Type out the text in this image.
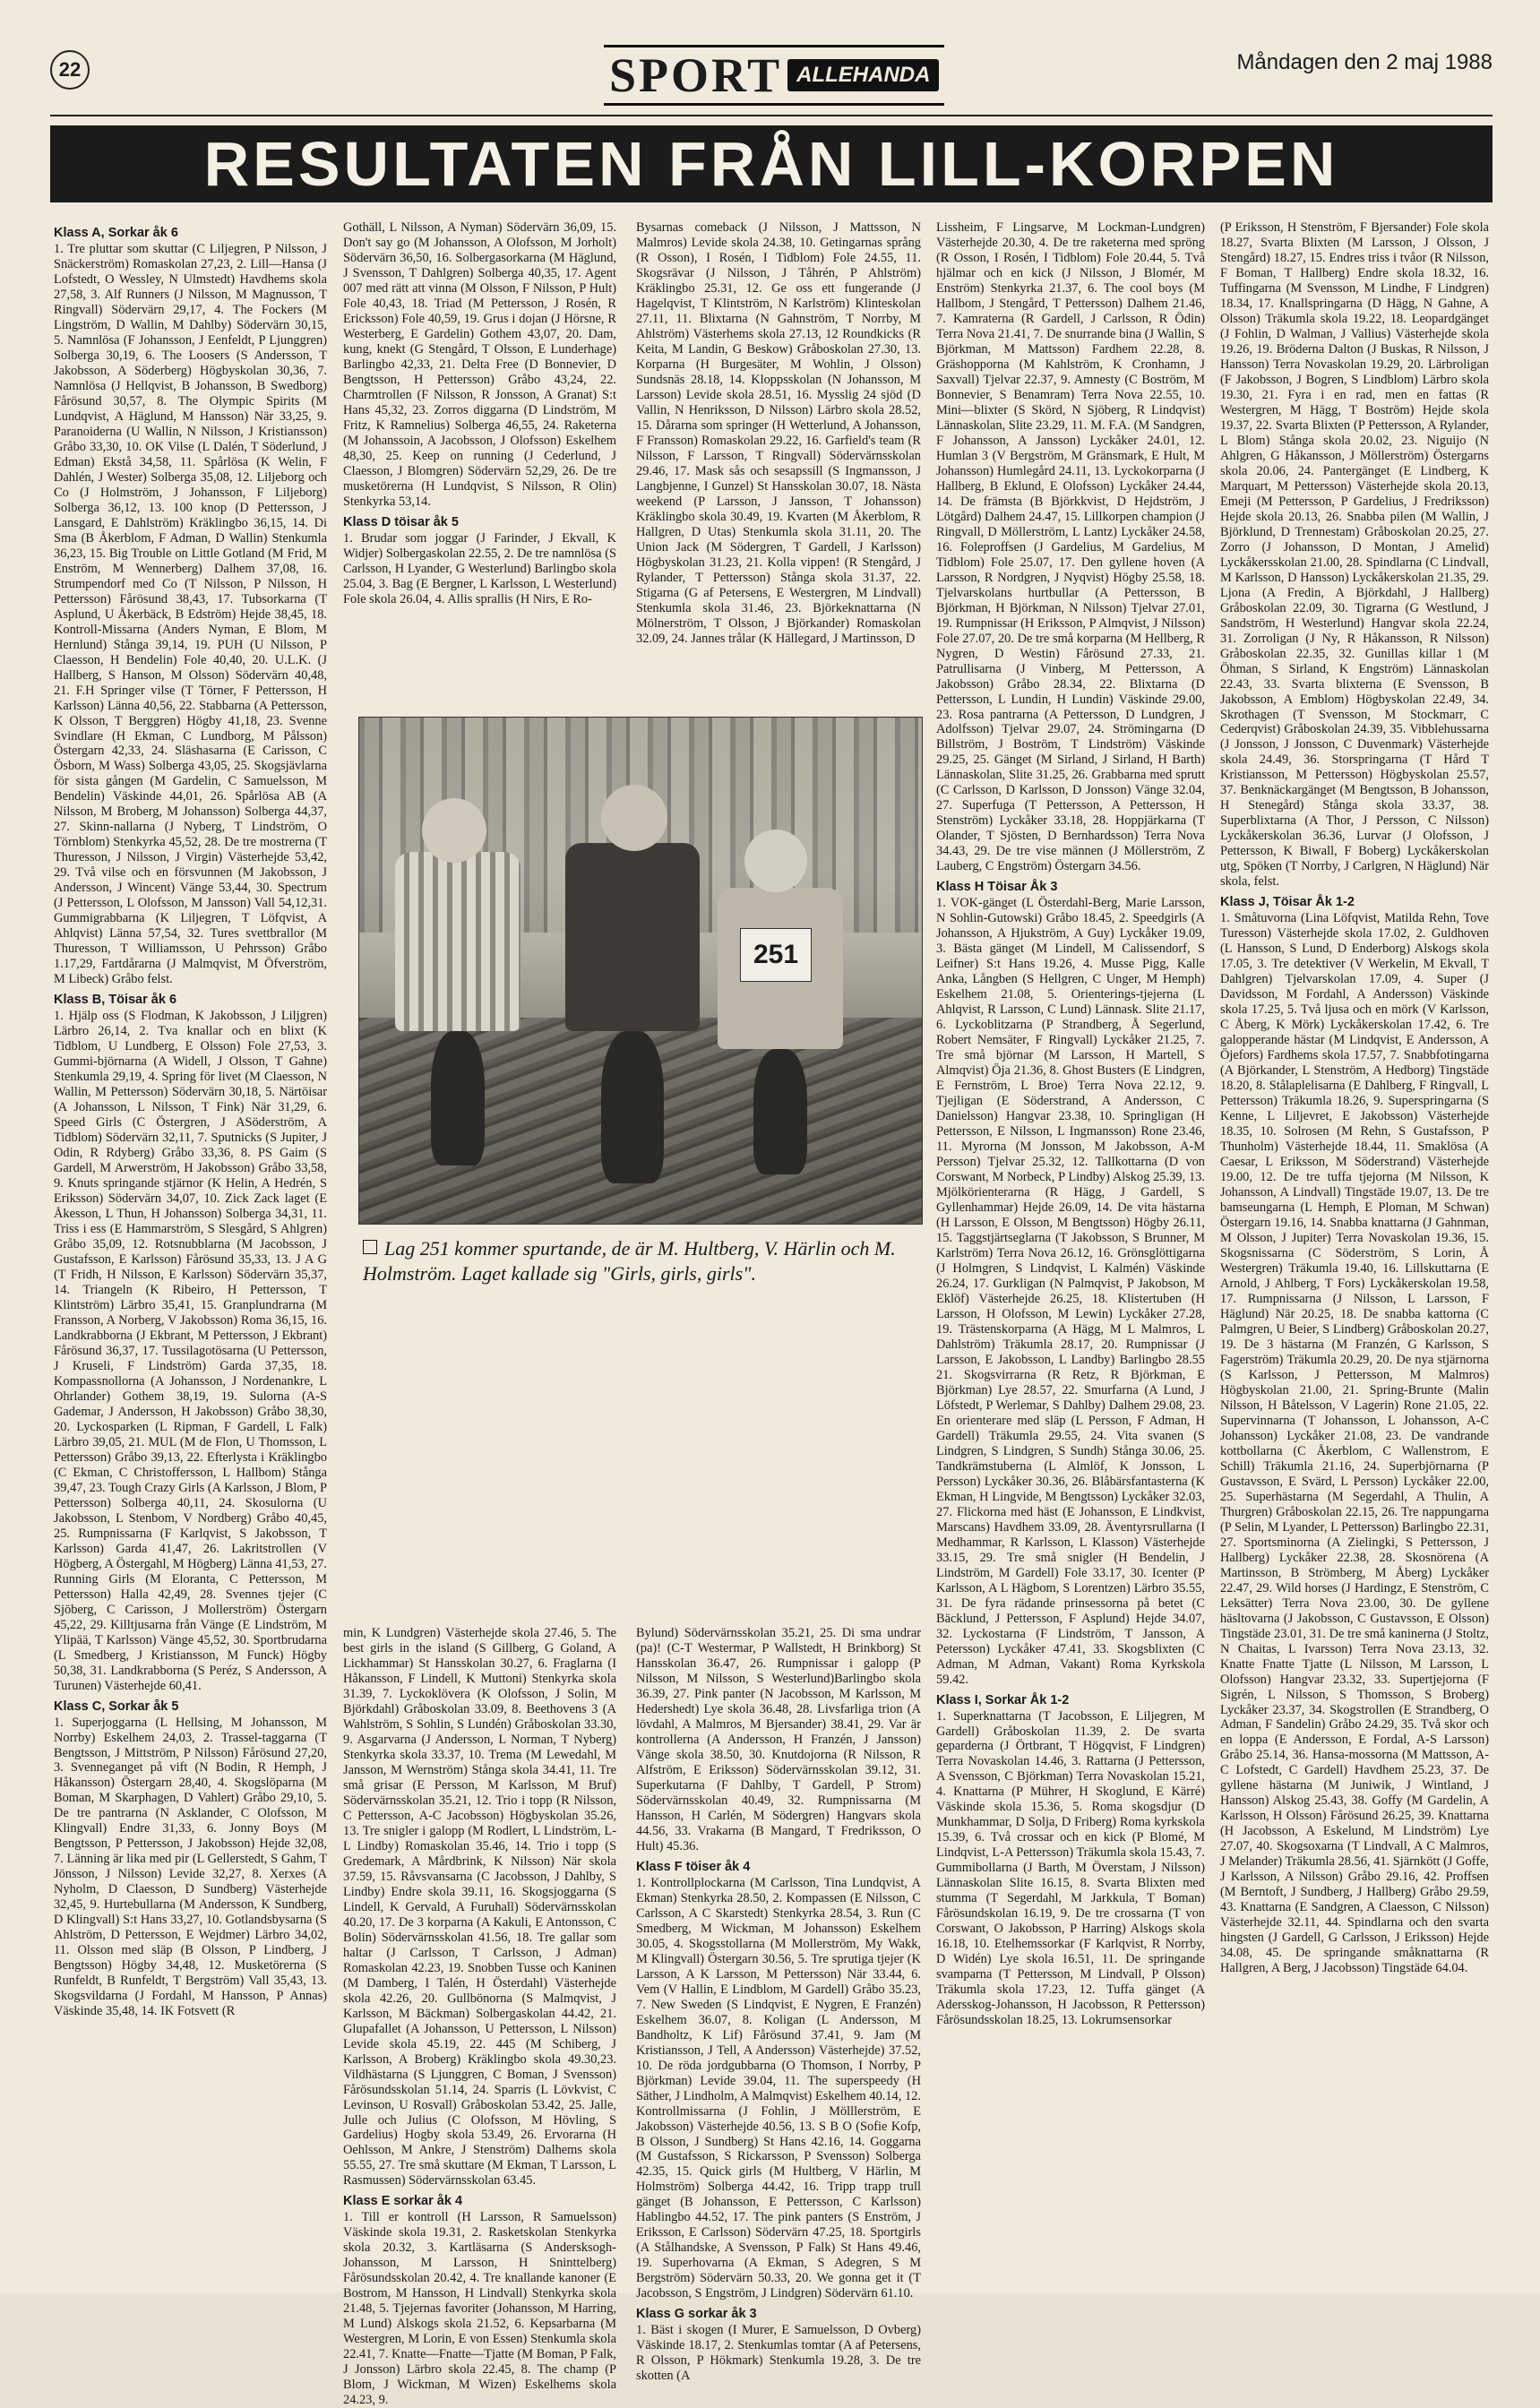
22	SPORT ALLEHANDA
Måndagen den 2 maj 1988
RESULTATEN FRÅN LILL-KORPEN
Klass A, Sorkar åk 6

1. Tre pluttar som skuttar (C Liljegren, P Nilsson, J Snäckerström) Romaskolan 27,23, 2. Lill—Hansa (J Lofstedt, O Wessley, N Ulmstedt) Havdhems skola 27,58, 3. Alf Runners (J Nilsson, M Magnusson, T Ringvall) Södervärn 29,17, 4. The Fockers (M Lingström, D Wallin, M Dahlby) Södervärn 30,15, 5. Namnlösa (F Johansson, J Eenfeldt, P Ljunggren) Solberga 30,19, 6. The Loosers (S Andersson, T Jakobsson, A Söderberg) Högbyskolan 30,36, 7. Namnlösa (J Hellqvist, B Johansson, B Swedborg) Fårösund 30,57, 8. The Olympic Spirits (M Lundqvist, A Häglund, M Hansson) När 33,25, 9. Paranoiderna (U Wallin, N Nilsson, J Kristiansson) Gråbo 33,30, 10. OK Vilse (L Dalén, T Söderlund, J Edman) Ekstå 34,58, 11. Spårlösa (K Welin, F Dahlén, J Wester) Solberga 35,08, 12. Liljeborg och Co (J Holmström, J Johansson, F Liljeborg) Solberga 36,12, 13. 100 knop (D Pettersson, J Lansgard, E Dahlström) Kräklingbo 36,15, 14. Di Sma (B Åkerblom, F Adman, D Wallin) Stenkumla 36,23, 15. Big Trouble on Little Gotland (M Frid, M Enström, M Wennerberg) Dalhem 37,08, 16. Strumpendorf med Co (T Nilsson, P Nilsson, H Pettersson) Fårösund 38,43, 17. Tubsorkarna (T Asplund, U Åkerbäck, B Edström) Hejde 38,45, 18. Kontroll-Missarna (Anders Nyman, E Blom, M Hernlund) Stånga 39,14, 19. PUH (U Nilsson, P Claesson, H Bendelin) Fole 40,40, 20. U.L.K. (J Hallberg, S Hanson, M Olsson) Södervärn 40,48, 21. F.H Springer vilse (T Törner, F Pettersson, H Karlsson) Länna 40,56, 22. Stabbarna (A Pettersson, K Olsson, T Berggren) Högby 41,18, 23. Svenne Svindlare (H Ekman, C Lundborg, M Pålsson) Östergarn 42,33, 24. Släshasarna (E Carisson, C Ösborn, M Wass) Solberga 43,05, 25. Skogsjävlarna för sista gången (M Gardelin, C Samuelsson, M Bendelin) Väskinde 44,01, 26. Spårlösa AB (A Nilsson, M Broberg, M Johansson) Solberga 44,37, 27. Skinn-nallarna (J Nyberg, T Lindström, O Törnblom) Stenkyrka 45,52, 28. De tre mostrerna (T Thuresson, J Nilsson, J Virgin) Västerhejde 53,42, 29. Två vilse och en försvunnen (M Jakobsson, J Andersson, J Wincent) Vänge 53,44, 30. Spectrum (J Pettersson, L Olofsson, M Jansson) Vall 54,12,31. Gummigrabbarna (K Liljegren, T Löfqvist, A Ahlqvist) Länna 57,54, 32. Tures svettbrallor (M Thuresson, T Williamsson, U Pehrsson) Gråbo 1.17,29, Fartdårarna (J Malmqvist, M Öfverström, M Libeck) Gråbo felst.

Klass B, Töisar åk 6

1. Hjälp oss (S Flodman, K Jakobsson, J Liljgren) Lärbro 26,14, 2. Tva knallar och en blixt (K Tidblom, U Lundberg, E Olsson) Fole 27,53, 3. Gummi-björnarna (A Widell, J Olsson, T Gahne) Stenkumla 29,19, 4. Spring för livet (M Claesson, N Wallin, M Pettersson) Södervärn 30,18, 5. Närtöisar (A Johansson, L Nilsson, T Fink) När 31,29, 6. Speed Girls (C Östergren, J ASöderström, A Tidblom) Södervärn 32,11, 7. Sputnicks (S Jupiter, J Odin, R Rdyberg) Gråbo 33,36, 8. PS Gaim (S Gardell, M Arwerström, H Jakobsson) Gråbo 33,58, 9. Knuts springande stjärnor (K Helin, A Hedrén, S Eriksson) Södervärn 34,07, 10. Zick Zack laget (E Åkesson, L Thun, H Johansson) Solberga 34,31, 11. Triss i ess (E Hammarström, S Slesgård, S Ahlgren) Gråbo 35,09, 12. Rotsnubblarna (M Jacobsson, J Gustafsson, E Karlsson) Fårösund 35,33, 13. J A G (T Fridh, H Nilsson, E Karlsson) Södervärn 35,37, 14. Triangeln (K Ribeiro, H Pettersson, T Klintström) Lärbro 35,41, 15. Granplundrarna (M Fransson, A Norberg, V Jakobsson) Roma 36,15, 16. Landkrabborna (J Ekbrant, M Pettersson, J Ekbrant) Fårösund 36,37, 17. Tussilagotösarna (U Pettersson, J Kruseli, F Lindström) Garda 37,35, 18. Kompassnollorna (A Johansson, J Nordenankre, L Ohrlander) Gothem 38,19, 19. Sulorna (A-S Gademar, J Andersson, H Jakobsson) Gråbo 38,30, 20. Lyckosparken (L Ripman, F Gardell, L Falk) Lärbro 39,05, 21. MUL (M de Flon, U Thomsson, L Pettersson) Gråbo 39,13, 22. Efterlysta i Kräklingbo (C Ekman, C Christoffersson, L Hallbom) Stånga 39,47, 23. Tough Crazy Girls (A Karlsson, J Blom, P Pettersson) Solberga 40,11, 24. Skosulorna (U Jakobsson, L Stenbom, V Nordberg) Gråbo 40,45, 25. Rumpnissarna (F Karlqvist, S Jakobsson, T Karlsson) Garda 41,47, 26. Lakritstrollen (V Högberg, A Östergahl, M Högberg) Länna 41,53, 27. Running Girls (M Eloranta, C Pettersson, M Pettersson) Halla 42,49, 28. Svennes tjejer (C Sjöberg, C Carisson, J Mollerström) Östergarn 45,22, 29. Killtjusarna från Vänge (E Lindström, M Ylipää, T Karlsson) Vänge 45,52, 30. Sportbrudarna (L Smedberg, J Kristiansson, M Funck) Högby 50,38, 31. Landkrabborna (S Peréz, S Andersson, A Turunen) Västerhejde 60,41.

Klass C, Sorkar åk 5

1. Superjoggarna (L Hellsing, M Johansson, M Norrby) Eskelhem 24,03, 2. Trassel-taggarna (T Bengtsson, J Mittström, P Nilsson) Fårösund 27,20, 3. Svenneganget på vift (N Bodin, R Hemph, J Håkansson) Östergarn 28,40, 4. Skogslöparna (M Boman, M Skarphagen, D Vahlert) Gråbo 29,10, 5. De tre pantrarna (N Asklander, C Olofsson, M Klingvall) Endre 31,33, 6. Jonny Boys (M Bengtsson, P Pettersson, J Jakobsson) Hejde 32,08, 7. Länning är lika med pir (L Gellerstedt, S Gahm, T Jönsson, J Nilsson) Levide 32,27, 8. Xerxes (A Nyholm, D Claesson, D Sundberg) Västerhejde 32,45, 9. Hurtebullarna (M Andersson, K Sundberg, D Klingvall) S:t Hans 33,27, 10. Gotlandsbysarna (S Ahlström, D Pettersson, E Wejdmer) Lärbro 34,02, 11. Olsson med släp (B Olsson, P Lindberg, J Bengtsson) Högby 34,48, 12. Musketörerna (S Runfeldt, B Runfeldt, T Bergström) Vall 35,43, 13. Skogsvildarna (J Fordahl, M Hansson, P Annas) Väskinde 35,48, 14. IK Fotsvett (R

Gothäll, L Nilsson, A Nyman) Södervärn 36,09, 15. Don't say go (M Johansson, A Olofsson, M Jorholt) Södervärn 36,50, 16. Solbergasorkarna (M Häglund, J Svensson, T Dahlgren) Solberga 40,35, 17. Agent 007 med rätt att vinna (M Olsson, F Nilsson, P Hult) Fole 40,43, 18. Triad (M Pettersson, J Rosén, R Ericksson) Fole 40,59, 19. Grus i dojan (J Hörsne, R Westerberg, E Gardelin) Gothem 43,07, 20. Dam, kung, knekt (G Stengård, T Olsson, E Lunderhage) Barlingbo 42,33, 21. Delta Free (D Bonnevier, D Bengtsson, H Pettersson) Gråbo 43,24, 22. Charmtrollen (F Nilsson, R Jonsson, A Granat) S:t Hans 45,32, 23. Zorros diggarna (D Lindström, M Fritz, K Ramnelius) Solberga 46,55, 24. Raketerna (M Johanssoin, A Jacobsson, J Olofsson) Eskelhem 48,30, 25. Keep on running (J Cederlund, J Claesson, J Blomgren) Södervärn 52,29, 26. De tre musketörerna (H Lundqvist, S Nilsson, R Olin) Stenkyrka 53,14.

Klass D töisar åk 5

1. Brudar som joggar (J Farinder, J Ekvall, K Widjer) Solbergaskolan 22.55, 2. De tre namnlösa (S Carlsson, H Lyander, G Westerlund) Barlingbo skola 25.04, 3. Bag (E Bergner, L Karlsson, L Westerlund) Fole skola 26.04, 4. Allis sprallis (H Nirs, E Ro-

Bysarnas comeback (J Nilsson, J Mattsson, N Malmros) Levide skola 24.38, 10. Getingarnas språng (R Osson), I Rosén, I Tidblom) Fole 24.55, 11. Skogsrävar (J Nilsson, J Tåhrén, P Ahlström) Kräklingbo 25.31, 12. Ge oss ett fungerande (J Hagelqvist, T Klintström, N Karlström) Klinteskolan 27.11, 11. Blixtarna (N Gahnström, T Norrby, M Ahlström) Västerhems skola 27.13, 12 Roundkicks (R Keita, M Landin, G Beskow) Gråboskolan 27.30, 13. Korparna (H Burgesäter, M Wohlin, J Olsson) Sundsnäs 28.18, 14. Kloppsskolan (N Johansson, M Larsson) Levide skola 28.51, 16. Mysslig 24 sjöd (D Vallin, N Henriksson, D Nilsson) Lärbro skola 28.52, 15. Dårarna som springer (H Wetterlund, A Johansson, F Fransson) Romaskolan 29.22, 16. Garfield's team (R Nilsson, F Larsson, T Ringvall) Södervärnsskolan 29.46, 17. Mask sås och sesapssill (S Ingmansson, J Langbjenne, I Gunzel) St Hansskolan 30.07, 18. Nästa weekend (P Larsson, J Jansson, T Johansson) Kräklingbo skola 30.49, 19. Kvarten (M Åkerblom, R Hallgren, D Utas) Stenkumla skola 31.11, 20. The Union Jack (M Södergren, T Gardell, J Karlsson) Högbyskolan 31.23, 21. Kolla vippen! (R Stengård, J Rylander, T Pettersson) Stånga skola 31.37, 22. Stigarna (G af Petersens, E Westergren, M Lindvall) Stenkumla skola 31.46, 23. Björkeknattarna (N Mölnerström, T Olsson, J Björkander) Romaskolan 32.09, 24. Jannes trålar (K Hällegard, J Martinsson, D

min, K Lundgren) Västerhejde skola 27.46, 5. The best girls in the island (S Gillberg, G Goland, A Lickhammar) St Hansskolan 30.27, 6. Fraglarna (I Håkansson, F Lindell, K Muttoni) Stenkyrka skola 31.39, 7. Lyckoklövera (K Olofsson, J Solin, M Björkdahl) Gråboskolan 33.09, 8. Beethovens 3 (A Wahlström, S Sohlin, S Lundén) Gråboskolan 33.30, 9. Asgarvarna (J Andersson, L Norman, T Nyberg) Stenkyrka skola 33.37, 10. Trema (M Lewedahl, M Jansson, M Wernström) Stånga skola 34.41, 11. Tre små grisar (E Persson, M Karlsson, M Bruf) Södervärnsskolan 35.21, 12. Trio i topp (R Nilsson, C Pettersson, A-C Jacobsson) Högbyskolan 35.26, 13. Tre snigler i galopp (M Rodlert, L Lindström, L-L Lindby) Romaskolan 35.46, 14. Trio i topp (S Gredemark, A Mårdbrink, K Nilsson) När skola 37.59, 15. Råvsvansarna (C Jacobsson, J Dahlby, S Lindby) Endre skola 39.11, 16. Skogsjoggarna (S Lindell, K Gervald, A Furuhall) Södervärnsskolan 40.20, 17. De 3 korparna (A Kakuli, E Antonsson, C Bolin) Södervärnsskolan 41.56, 18. Tre gallar som haltar (J Carlsson, T Carlsson, J Adman) Romaskolan 42.23, 19. Snobben Tusse och Kaninen (M Damberg, I Talén, H Österdahl) Västerhejde skola 42.26, 20. Gullbönorna (S Malmqvist, J Karlsson, M Bäckman) Solbergaskolan 44.42, 21. Glupafallet (A Johansson, U Pettersson, L Nilsson) Levide skola 45.19, 22. 445 (M Schiberg, J Karlsson, A Broberg) Kräklingbo skola 49.30,23. Vildhästarna (S Ljunggren, C Boman, J Svensson) Fårösundsskolan 51.14, 24. Sparris (L Lövkvist, C Levinson, U Rosvall) Gråboskolan 53.42, 25. Jalle, Julle och Julius (C Olofsson, M Hövling, S Gardelius) Hogby skola 53.49, 26. Ervorarna (H Oehlsson, M Ankre, J Stenström) Dalhems skola 55.55, 27. Tre små skuttare (M Ekman, T Larsson, L Rasmussen) Södervärnsskolan 63.45.

Klass E sorkar åk 4

1. Till er kontroll (H Larsson, R Samuelsson) Väskinde skola 19.31, 2. Rasketskolan Stenkyrka skola 20.32, 3. Kartläsarna (S Andersksogh-Johansson, M Larsson, H Sninttelberg) Fårösundsskolan 20.42, 4. Tre knallande kanoner (E Bostrom, M Hansson, H Lindvall) Stenkyrka skola 21.48, 5. Tjejernas favoriter (Johansson, M Harring, M Lund) Alskogs skola 21.52, 6. Kepsarbarna (M Westergren, M Lorin, E von Essen) Stenkumla skola 22.41, 7. Knatte—Fnatte—Tjatte (M Boman, P Falk, J Jonsson) Lärbro skola 22.45, 8. The champ (P Blom, J Wickman, M Wizen) Eskelhems skola 24.23, 9.

Bylund) Södervärnsskolan 35.21, 25. Di sma undrar (pa)! (C-T Westermar, P Wallstedt, H Brinkborg) St Hansskolan 36.47, 26. Rumpnissar i galopp (P Nilsson, M Nilsson, S Westerlund)Barlingbo skola 36.39, 27. Pink panter (N Jacobsson, M Karlsson, M Hedershedt) Lye skola 36.48, 28. Livsfarliga trion (A lövdahl, A Malmros, M Bjersander) 38.41, 29. Var är kontrollerna (A Andersson, H Franzén, J Jansson) Vänge skola 38.50, 30. Knutdojorna (R Nilsson, R Alfström, E Eriksson) Södervärnsskolan 39.12, 31. Superkutarna (F Dahlby, T Gardell, P Strom) Södervärnsskolan 40.49, 32. Rumpnissarna (M Hansson, H Carlén, M Södergren) Hangvars skola 44.56, 33. Vrakarna (B Mangard, T Fredriksson, O Hult) 45.36.

Klass F töiser åk 4

1. Kontrollplockarna (M Carlsson, Tina Lundqvist, A Ekman) Stenkyrka 28.50, 2. Kompassen (E Nilsson, C Carlsson, A C Skarstedt) Stenkyrka 28.54, 3. Run (C Smedberg, M Wickman, M Johansson) Eskelhem 30.05, 4. Skogsstollarna (M Mollerström, My Wakk, M Klingvall) Östergarn 30.56, 5. Tre sprutiga tjejer (K Larsson, A K Larsson, M Pettersson) När 33.44, 6. Vem (V Hallin, E Lindblom, M Gardell) Gråbo 35.23, 7. New Sweden (S Lindqvist, E Nygren, E Franzén) Eskelhem 36.07, 8. Koligan (L Andersson, M Bandholtz, K Lif) Fårösund 37.41, 9. Jam (M Kristiansson, J Tell, A Andersson) Västerhejde) 37.52, 10. De röda jordgubbarna (O Thomson, I Norrby, P Björkman) Levide 39.04, 11. The superspeedy (H Säther, J Lindholm, A Malmqvist) Eskelhem 40.14, 12. Kontrollmissarna (J Fohlin, J Mölllerström, E Jakobsson) Västerhejde 40.56, 13. S B O (Sofie Kofp, B Olsson, J Sundberg) St Hans 42.16, 14. Goggarna (M Gustafsson, S Rickarsson, P Svensson) Solberga 42.35, 15. Quick girls (M Hultberg, V Härlin, M Holmström) Solberga 44.42, 16. Tripp trapp trull gänget (B Johansson, E Pettersson, C Karlsson) Hablingbo 44.52, 17. The pink panters (S Enström, J Eriksson, E Carlsson) Södervärn 47.25, 18. Sportgirls (A Stålhandske, A Svensson, P Falk) St Hans 49.46, 19. Superhovarna (A Ekman, S Adegren, S M Bergström) Södervärn 50.33, 20. We gonna get it (T Jacobsson, S Engström, J Lindgren) Södervärn 61.10.

Klass G sorkar åk 3

1. Bäst i skogen (I Murer, E Samuelsson, D Ovberg) Väskinde 18.17, 2. Stenkumlas tomtar (A af Petersens, R Olsson, P Hökmark) Stenkumla 19.28, 3. De tre skotten (A

Lissheim, F Lingsarve, M Lockman-Lundgren) Västerhejde 20.30, 4. De tre raketerna med spröng (R Osson, I Rosén, I Tidblom) Fole 20.44, 5. Två hjälmar och en kick (J Nilsson, J Blomér, M Enström) Stenkyrka 21.37, 6. The cool boys (M Hallbom, J Stengård, T Pettersson) Dalhem 21.46, 7. Kamraterna (R Gardell, J Carlsson, R Ödin) Terra Nova 21.41, 7. De snurrande bina (J Wallin, S Björkman, M Mattsson) Fardhem 22.28, 8. Gräshopporna (M Kahlström, K Cronhamn, J Saxvall) Tjelvar 22.37, 9. Amnesty (C Boström, M Bonnevier, S Benamram) Terra Nova 22.55, 10. Mini—blixter (S Skörd, N Sjöberg, R Lindqvist) Lännaskolan, Slite 23.29, 11. M. F.A. (M Sandgren, F Johansson, A Jansson) Lyckåker 24.01, 12. Humlan 3 (V Bergström, M Gränsmark, E Hult, M Johansson) Humlegård 24.11, 13. Lyckokorparna (J Hallberg, B Eklund, E Olofsson) Lyckåker 24.44, 14. De främsta (B Björkkvist, D Hejdström, J Lötgård) Dalhem 24.47, 15. Lillkorpen champion (J Ringvall, D Möllerström, L Lantz) Lyckåker 24.58, 16. Foleproffsen (J Gardelius, M Gardelius, M Tidblom) Fole 25.07, 17. Den gyllene hoven (A Larsson, R Nordgren, J Nyqvist) Högby 25.58, 18. Tjelvarskolans hurtbullar (A Pettersson, B Björkman, H Björkman, N Nilsson) Tjelvar 27.01, 19. Rumpnissar (H Eriksson, P Almqvist, J Nilsson) Fole 27.07, 20. De tre små korparna (M Hellberg, R Nygren, D Westin) Fårösund 27.33, 21. Patrullisarna (J Vinberg, M Pettersson, A Jakobsson) Gråbo 28.34, 22. Blixtarna (D Pettersson, L Lundin, H Lundin) Väskinde 29.00, 23. Rosa pantrarna (A Pettersson, D Lundgren, J Adolfsson) Tjelvar 29.07, 24. Strömingarna (D Billström, J Boström, T Lindström) Väskinde 29.25, 25. Gänget (M Sirland, J Sirland, H Barth) Lännaskolan, Slite 31.25, 26. Grabbarna med sprutt (C Carlsson, D Karlsson, D Jonsson) Vänge 32.04, 27. Superfuga (T Pettersson, A Pettersson, H Stenström) Lyckåker 33.18, 28. Hoppjärkarna (T Olander, T Sjösten, D Bernhardsson) Terra Nova 34.43, 29. De tre vise männen (J Möllerström, Z Lauberg, C Engström) Östergarn 34.56.

Klass H Töisar Åk 3

1. VOK-gänget (L Österdahl-Berg, Marie Larsson, N Sohlin-Gutowski) Gråbo 18.45, 2. Speedgirls (A Johansson, A Hjukström, A Guy) Lyckåker 19.09, 3. Bästa gänget (M Lindell, M Calissendorf, S Leifner) S:t Hans 19.26, 4. Musse Pigg, Kalle Anka, Långben (S Hellgren, C Unger, M Hemph) Eskelhem 21.08, 5. Orienterings-tjejerna (L Ahlqvist, R Larsson, C Lund) Lännask. Slite 21.17, 6. Lyckoblitzarna (P Strandberg, Å Segerlund, Robert Nemsäter, F Ringvall) Lyckåker 21.25, 7. Tre små björnar (M Larsson, H Martell, S Almqvist) Öja 21.36, 8. Ghost Busters (E Lindgren, E Fernström, L Broe) Terra Nova 22.12, 9. Tjejligan (E Söderstrand, A Andersson, C Danielsson) Hangvar 23.38, 10. Springligan (H Pettersson, E Nilsson, L Ingmansson) Rone 23.46, 11. Myrorna (M Jonsson, M Jakobsson, A-M Persson) Tjelvar 25.32, 12. Tallkottarna (D von Corswant, M Norbeck, P Lindby) Alskog 25.39, 13. Mjölkörienterarna (R Hägg, J Gardell, S Gyllenhammar) Hejde 26.09, 14. De vita hästarna (H Larsson, E Olsson, M Bengtsson) Högby 26.11, 15. Taggstjärtseglarna (T Jakobsson, S Brunner, M Karlström) Terra Nova 26.12, 16. Grönsglöttigarna (J Holmgren, S Lindqvist, L Kalmén) Väskinde 26.24, 17. Gurkligan (N Palmqvist, P Jakobson, M Eklöf) Västerhejde 26.25, 18. Klistertuben (H Larsson, H Olofsson, M Lewin) Lyckåker 27.28, 19. Trästenskorparna (A Hägg, M L Malmros, L Dahlström) Träkumla 28.17, 20. Rumpnissar (J Larsson, E Jakobsson, L Landby) Barlingbo 28.55 21. Skogsvirrarna (R Retz, R Björkman, E Björkman) Lye 28.57, 22. Smurfarna (A Lund, J Löfstedt, P Werlemar, S Dahlby) Dalhem 29.08, 23. En orienterare med släp (L Persson, F Adman, H Gardell) Träkumla 29.55, 24. Vita svanen (S Lindgren, S Lindgren, S Sundh) Stånga 30.06, 25. Tandkrämstuberna (L Almlöf, K Jonsson, L Persson) Lyckåker 30.36, 26. Blåbärsfantasterna (K Ekman, H Lingvide, M Bengtsson) Lyckåker 32.03, 27. Flickorna med häst (E Johansson, E Lindkvist, Marscans) Havdhem 33.09, 28. Äventyrsrullarna (I Medhammar, R Karlsson, L Klasson) Västerhejde 33.15, 29. Tre små snigler (H Bendelin, J Lindström, M Gardell) Fole 33.17, 30. Icenter (P Karlsson, A L Hägbom, S Lorentzen) Lärbro 35.55, 31. De fyra rädande prinsessorna på betet (C Bäcklund, J Pettersson, F Asplund) Hejde 34.07, 32. Lyckostarna (F Lindström, T Jansson, A Petersson) Lyckåker 47.41, 33. Skogsblixten (C Adman, M Adman, Vakant) Roma Kyrkskola 59.42.

Klass I, Sorkar Åk 1-2

1. Superknattarna (T Jacobsson, E Liljegren, M Gardell) Gråboskolan 11.39, 2. De svarta geparderna (J Örtbrant, T Högqvist, F Lindgren) Terra Novaskolan 14.46, 3. Rattarna (J Pettersson, A Svensson, C Björkman) Terra Novaskolan 15.21, 4. Knattarna (P Mührer, H Skoglund, E Kärré) Väskinde skola 15.36, 5. Roma skogsdjur (D Munkhammar, D Solja, D Friberg) Roma kyrkskola 15.39, 6. Två crossar och en kick (P Blomé, M Lindqvist, L-A Pettersson) Träkumla skola 15.43, 7. Gummibollarna (J Barth, M Överstam, J Nilsson) Lännaskolan Slite 16.15, 8. Svarta Blixten med stumma (T Segerdahl, M Jarkkula, T Boman) Fårösundskolan 16.19, 9. De tre crossarna (T von Corswant, O Jakobsson, P Harring) Alskogs skola 16.18, 10. Etelhemssorkar (F Karlqvist, R Norrby, D Widén) Lye skola 16.51, 11. De springande svamparna (T Pettersson, M Lindvall, P Olsson) Träkumla skola 17.23, 12. Tuffa gänget (A Adersskog-Johansson, H Jacobsson, R Pettersson) Fårösundsskolan 18.25, 13. Lokrumsensorkar

(P Eriksson, H Stenström, F Bjersander) Fole skola 18.27, Svarta Blixten (M Larsson, J Olsson, J Stengård) 18.27, 15. Endres triss i tvåor (R Nilsson, F Boman, T Hallberg) Endre skola 18.32, 16. Tuffingarna (M Svensson, M Lindhe, F Lindgren) 18.34, 17. Knallspringarna (D Hägg, N Gahne, A Olsson) Träkumla skola 19.22, 18. Leopardgänget (J Fohlin, D Walman, J Vallius) Västerhejde skola 19.26, 19. Bröderna Dalton (J Buskas, R Nilsson, J Hansson) Terra Novaskolan 19.29, 20. Lärbroligan (F Jakobsson, J Bogren, S Lindblom) Lärbro skola 19.30, 21. Fyra i en rad, men en fattas (R Westergren, M Hägg, T Boström) Hejde skola 19.37, 22. Svarta Blixten (P Pettersson, A Rylander, L Blom) Stånga skola 20.02, 23. Niguijo (N Ahlgren, G Håkansson, J Möllerström) Östergarns skola 20.06, 24. Pantergänget (E Lindberg, K Marquart, M Pettersson) Västerhejde skola 20.13, Emeji (M Pettersson, P Gardelius, J Fredriksson) Hejde skola 20.13, 26. Snabba pilen (M Wallin, J Björklund, D Trennestam) Gråboskolan 20.25, 27. Zorro (J Johansson, D Montan, J Amelid) Lyckåkersskolan 21.00, 28. Spindlarna (C Lindvall, M Karlsson, D Hansson) Lyckåkerskolan 21.35, 29. Ljona (A Fredin, A Björkdahl, J Hallberg) Gråboskolan 22.09, 30. Tigrarna (G Westlund, J Sandström, H Westerlund) Hangvar skola 22.24, 31. Zorroligan (J Ny, R Håkansson, R Nilsson) Gråboskolan 22.35, 32. Gunillas killar 1 (M Öhman, S Sirland, K Engström) Lännaskolan 22.43, 33. Svarta blixterna (E Svensson, B Jakobsson, A Emblom) Högbyskolan 22.49, 34. Skrothagen (T Svensson, M Stockmarr, C Cederqvist) Gråboskolan 24.39, 35. Vibblehussarna (J Jonsson, J Jonsson, C Duvenmark) Västerhejde skola 24.49, 36. Storspringarna (T Hård T Kristiansson, M Pettersson) Högbyskolan 25.57, 37. Benknäckargänget (M Bengtsson, B Johansson, H Stenegård) Stånga skola 33.37, 38. Superblixtarna (A Thor, J Persson, C Nilsson) Lyckåkerskolan 36.36, Lurvar (J Olofsson, J Pettersson, K Biwall, F Boberg) Lyckåkerskolan utg, Spöken (T Norrby, J Carlgren, N Häglund) När skola, felst.

Klass J, Töisar Åk 1-2

1. Småtuvorna (Lina Löfqvist, Matilda Rehn, Tove Turesson) Västerhejde skola 17.02, 2. Guldhoven (L Hansson, S Lund, D Enderborg) Alskogs skola 17.05, 3. Tre detektiver (V Werkelin, M Ekvall, T Dahlgren) Tjelvarskolan 17.09, 4. Super (J Davidsson, M Fordahl, A Andersson) Väskinde skola 17.25, 5. Två ljusa och en mörk (V Karlsson, C Åberg, K Mörk) Lyckåkerskolan 17.42, 6. Tre galopperande hästar (M Lindqvist, E Andersson, A Öjefors) Fardhems skola 17.57, 7. Snabbfotingarna (A Björkander, L Stenström, A Hedborg) Tingstäde 18.20, 8. Stålaplelisarna (E Dahlberg, F Ringvall, L Pettersson) Träkumla 18.26, 9. Superspringarna (S Kenne, L Liljevret, E Jakobsson) Västerhejde 18.35, 10. Solrosen (M Rehn, S Gustafsson, P Thunholm) Västerhejde 18.44, 11. Smaklösa (A Caesar, L Eriksson, M Söderstrand) Västerhejde 19.00, 12. De tre tuffa tjejorna (M Nilsson, K Johansson, A Lindvall) Tingstäde 19.07, 13. De tre bamseungarna (L Hemph, E Ploman, M Schwan) Östergarn 19.16, 14. Snabba knattarna (J Gahnman, M Olsson, J Jupiter) Terra Novaskolan 19.36, 15. Skogsnissarna (C Söderström, S Lorin, Å Westergren) Träkumla 19.40, 16. Lillskuttarna (E Arnold, J Ahlberg, T Fors) Lyckåkerskolan 19.58, 17. Rumpnissarna (J Nilsson, L Larsson, F Häglund) När 20.25, 18. De snabba kattorna (C Palmgren, U Beier, S Lindberg) Gråboskolan 20.27, 19. De 3 hästarna (M Franzén, G Karlsson, S Fagerström) Träkumla 20.29, 20. De nya stjärnorna (S Karlsson, J Pettersson, M Malmros) Högbyskolan 21.00, 21. Spring-Brunte (Malin Nilsson, H Båtelsson, V Lagerin) Rone 21.05, 22. Supervinnarna (T Johansson, L Johansson, A-C Johansson) Lyckåker 21.08, 23. De vandrande kottbollarna (C Åkerblom, C Wallenstrom, E Schill) Träkumla 21.16, 24. Superbjörnarna (P Gustavsson, E Svärd, L Persson) Lyckåker 22.00, 25. Superhästarna (M Segerdahl, A Thulin, A Thurgren) Gråboskolan 22.15, 26. Tre nappungarna (P Selin, M Lyander, L Pettersson) Barlingbo 22.31, 27. Sportsminorna (A Zielingki, S Pettersson, J Hallberg) Lyckåker 22.38, 28. Skosnörena (A Martinsson, B Strömberg, M Åberg) Lyckåker 22.47, 29. Wild horses (J Hardingz, E Stenström, C Leksätter) Terra Nova 23.00, 30. De gyllene häsltovarna (J Jakobsson, C Gustavsson, E Olsson) Tingstäde 23.01, 31. De tre små kaninerna (J Stoltz, N Chaitas, L Ivarsson) Terra Nova 23.13, 32. Knatte Fnatte Tjatte (L Nilsson, M Larsson, L Olofsson) Hangvar 23.32, 33. Supertjejorna (F Sigrén, L Nilsson, S Thomsson, S Broberg) Lyckåker 23.37, 34. Skogstrollen (E Strandberg, O Adman, F Sandelin) Gråbo 24.29, 35. Två skor och en loppa (E Andersson, E Fordal, A-S Larsson) Gråbo 25.14, 36. Hansa-mossorna (M Mattsson, A-C Lofstedt, C Gardell) Havdhem 25.23, 37. De gyllene hästarna (M Juniwik, J Wintland, J Hansson) Alskog 25.43, 38. Goffy (M Gardelin, A Karlsson, H Olsson) Fårösund 26.25, 39. Knattarna (H Jacobsson, A Eskelund, M Lindström) Lye 27.07, 40. Skogsoxarna (T Lindvall, A C Malmros, J Melander) Träkumla 28.56, 41. Sjärnkött (J Goffe, J Karlsson, A Nilsson) Gråbo 29.16, 42. Proffsen (M Berntoft, J Sundberg, J Hallberg) Gråbo 29.59, 43. Knattarna (E Sandgren, A Claesson, C Nilsson) Västerhejde 32.11, 44. Spindlarna och den svarta hingsten (J Gardell, G Carlsson, J Eriksson) Hejde 34.08, 45. De springande småknattarna (R Hallgren, A Berg, J Jacobsson) Tingstäde 64.04.

251
Lag 251 kommer spurtande, de är M. Hultberg, V. Härlin och M. Holmström. Laget kallade sig "Girls, girls, girls".
